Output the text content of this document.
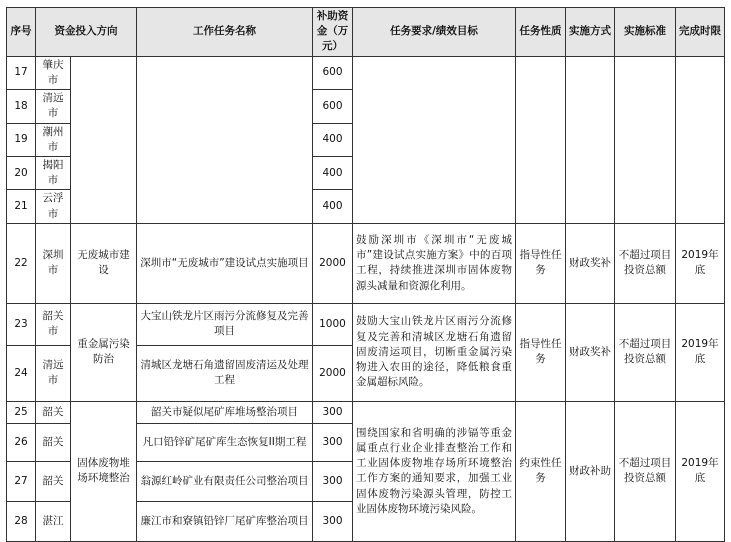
序号	资金投入方向		工作任务名称	补助资金（万元）	任务要求/绩效目标	任务性质	实施方式	实施标准	完成时限
17	肇庆市			600					
18	清远市			600					
19	潮州市			400					
20	揭阳市			400					
21	云浮市			400					
22	深圳市	无废城市建设	深圳市“无废城市”建设试点实施项目	2000	鼓励深圳市《深圳市“无废城市”建设试点实施方案》中的百项工程，持续推进深圳市固体废物源头减量和资源化利用。	指导性任务	财政奖补	不超过项目投资总额	2019年底
23	韶关市	重金属污染防治	大宝山铁龙片区雨污分流修复及完善项目	1000	鼓励大宝山铁龙片区雨污分流修复及完善和清城区龙塘石角遗留固废清运项目，切断重金属污染物进入农田的途径，降低粮食重金属超标风险。	指导性任务	财政奖补	不超过项目投资总额	2019年底
24	清远市		清城区龙塘石角遗留固废清运及处理工程	2000					
25	韶关	固体废物堆场环境整治	韶关市疑似尾矿库堆场整治项目	300	围绕国家和省明确的涉镉等重金属重点行业企业排查整治工作和工业固体废物堆存场所环境整治工作方案的通知要求，加强工业固体废物污染源头管理，防控工业固体废物环境污染风险。	约束性任务	财政补助	不超过项目投资总额	2019年底
26	韶关		凡口铅锌矿尾矿库生态恢复II期工程	300					
27	韶关		翁源红岭矿业有限责任公司整治项目	300					
28	湛江		廉江市和寮镇铅锌厂尾矿库整治项目	300					
